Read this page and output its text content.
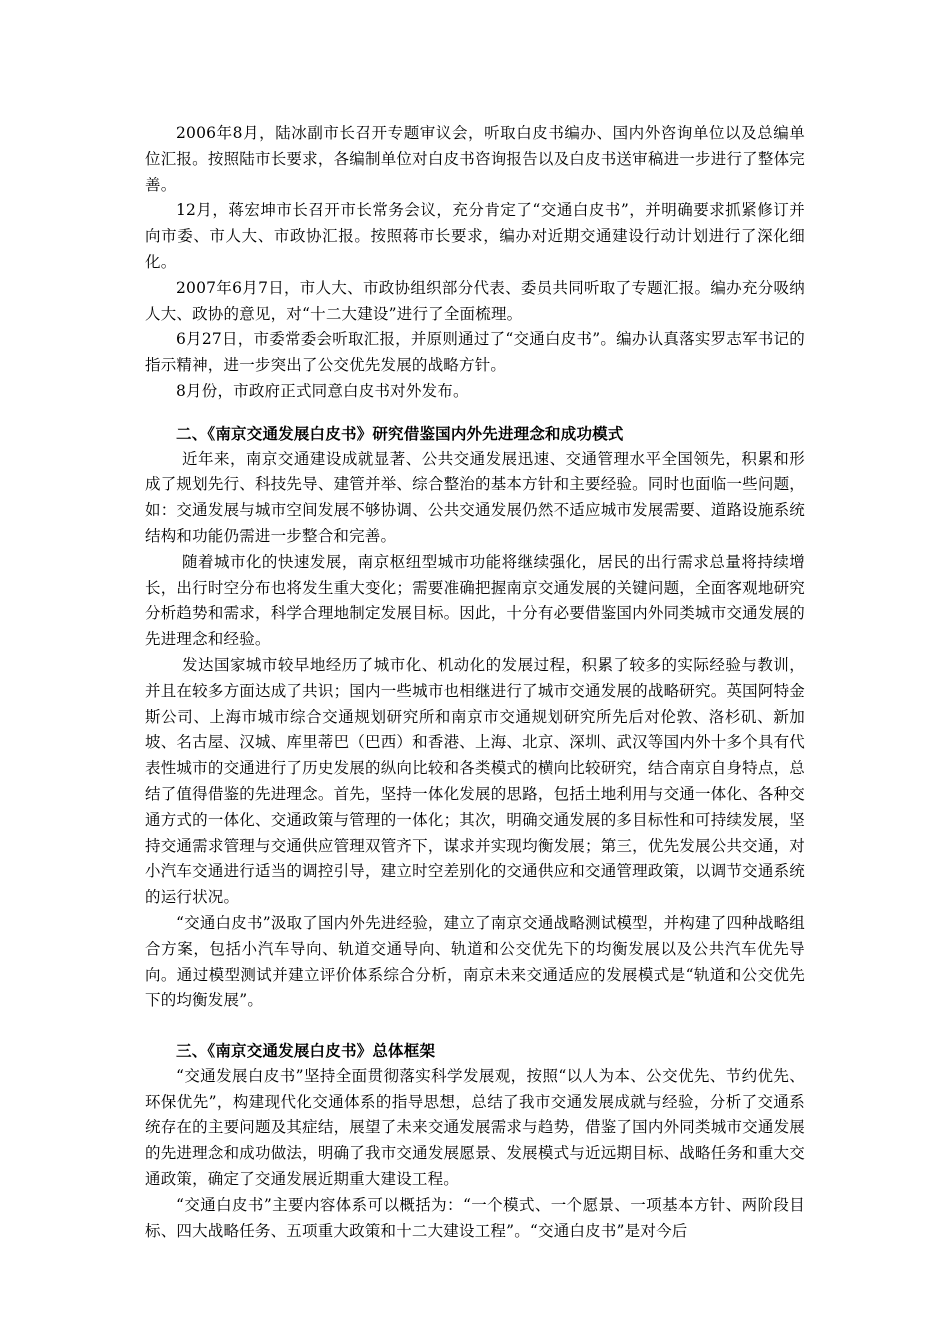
2006年8月，陆冰副市长召开专题审议会，听取白皮书编办、国内外咨询单位以及总编单位汇报。按照陆市长要求，各编制单位对白皮书咨询报告以及白皮书送审稿进一步进行了整体完善。

12月，蒋宏坤市长召开市长常务会议，充分肯定了“交通白皮书”，并明确要求抓紧修订并向市委、市人大、市政协汇报。按照蒋市长要求，编办对近期交通建设行动计划进行了深化细化。

2007年6月7日，市人大、市政协组织部分代表、委员共同听取了专题汇报。编办充分吸纳人大、政协的意见，对“十二大建设”进行了全面梳理。

6月27日，市委常委会听取汇报，并原则通过了“交通白皮书”。编办认真落实罗志军书记的指示精神，进一步突出了公交优先发展的战略方针。

8月份，市政府正式同意白皮书对外发布。

二、《南京交通发展白皮书》研究借鉴国内外先进理念和成功模式

近年来，南京交通建设成就显著、公共交通发展迅速、交通管理水平全国领先，积累和形成了规划先行、科技先导、建管并举、综合整治的基本方针和主要经验。同时也面临一些问题，如：交通发展与城市空间发展不够协调、公共交通发展仍然不适应城市发展需要、道路设施系统结构和功能仍需进一步整合和完善。

随着城市化的快速发展，南京枢纽型城市功能将继续强化，居民的出行需求总量将持续增长，出行时空分布也将发生重大变化；需要准确把握南京交通发展的关键问题，全面客观地研究分析趋势和需求，科学合理地制定发展目标。因此，十分有必要借鉴国内外同类城市交通发展的先进理念和经验。

发达国家城市较早地经历了城市化、机动化的发展过程，积累了较多的实际经验与教训，并且在较多方面达成了共识；国内一些城市也相继进行了城市交通发展的战略研究。英国阿特金斯公司、上海市城市综合交通规划研究所和南京市交通规划研究所先后对伦敦、洛杉矶、新加坡、名古屋、汉城、库里蒂巴（巴西）和香港、上海、北京、深圳、武汉等国内外十多个具有代表性城市的交通进行了历史发展的纵向比较和各类模式的横向比较研究，结合南京自身特点，总结了值得借鉴的先进理念。首先，坚持一体化发展的思路，包括土地利用与交通一体化、各种交通方式的一体化、交通政策与管理的一体化；其次，明确交通发展的多目标性和可持续发展，坚持交通需求管理与交通供应管理双管齐下，谋求并实现均衡发展；第三，优先发展公共交通，对小汽车交通进行适当的调控引导，建立时空差别化的交通供应和交通管理政策，以调节交通系统的运行状况。

“交通白皮书”汲取了国内外先进经验，建立了南京交通战略测试模型，并构建了四种战略组合方案，包括小汽车导向、轨道交通导向、轨道和公交优先下的均衡发展以及公共汽车优先导向。通过模型测试并建立评价体系综合分析，南京未来交通适应的发展模式是“轨道和公交优先下的均衡发展”。

三、《南京交通发展白皮书》总体框架

“交通发展白皮书”坚持全面贯彻落实科学发展观，按照“以人为本、公交优先、节约优先、环保优先”，构建现代化交通体系的指导思想，总结了我市交通发展成就与经验，分析了交通系统存在的主要问题及其症结，展望了未来交通发展需求与趋势，借鉴了国内外同类城市交通发展的先进理念和成功做法，明确了我市交通发展愿景、发展模式与近远期目标、战略任务和重大交通政策，确定了交通发展近期重大建设工程。

“交通白皮书”主要内容体系可以概括为：“一个模式、一个愿景、一项基本方针、两阶段目标、四大战略任务、五项重大政策和十二大建设工程”。“交通白皮书”是对今后
